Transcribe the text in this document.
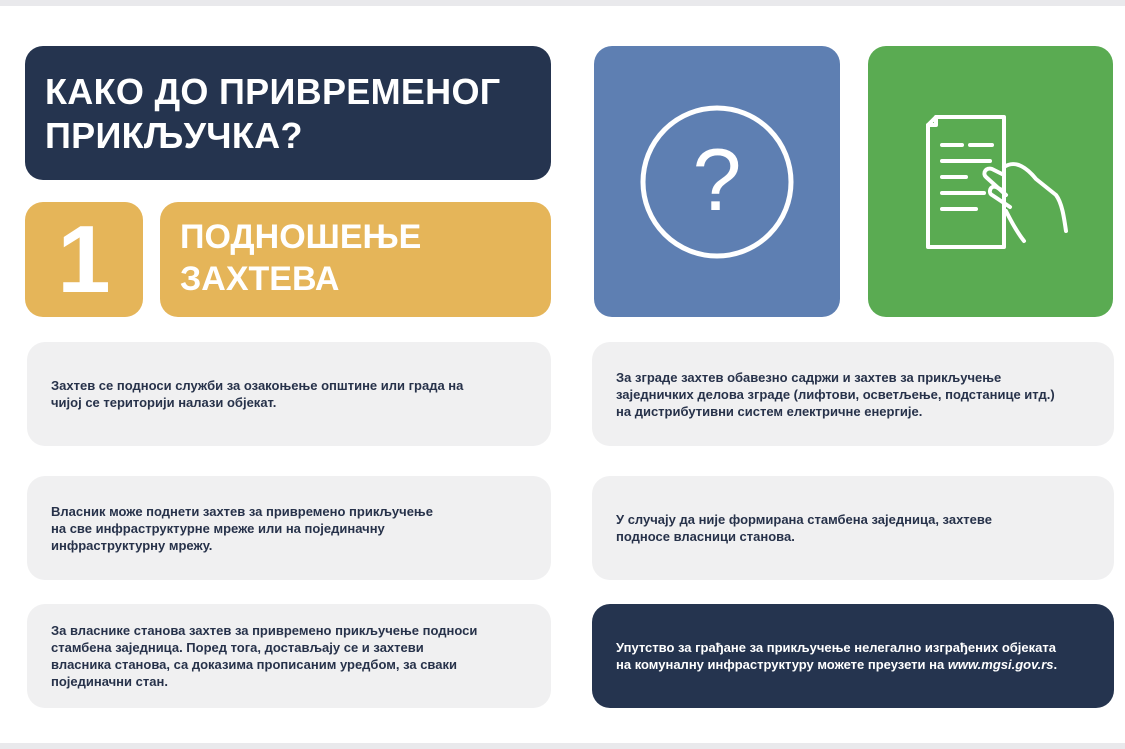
КАКО ДО ПРИВРЕМЕНОГ
ПРИКЉУЧКА?
1 ПОДНОШЕЊЕ
ЗАХТЕВА
?

Захтев се подноси служби за озакоњење општине или града на
чијој се територији налази објекат.

Власник може поднети захтев за привремено прикључење
на све инфраструктурне мреже или на појединачну
инфраструктурну мрежу.

За власнике станова захтев за привремено прикључење подноси
стамбена заједница. Поред тога, достављају се и захтеви
власника станова, са доказима прописаним уредбом, за сваки
појединачни стан.

За зграде захтев обавезно садржи и захтев за прикључење
заједничких делова зграде (лифтови, осветљење, подстанице итд.)
на дистрибутивни систем електричне енергије.

У случају да није формирана стамбена заједница, захтеве
подносе власници станова.

Упутство за грађане за прикључење нелегално изграђених објеката
на комуналну инфраструктуру можете преузети на www.mgsi.gov.rs.
